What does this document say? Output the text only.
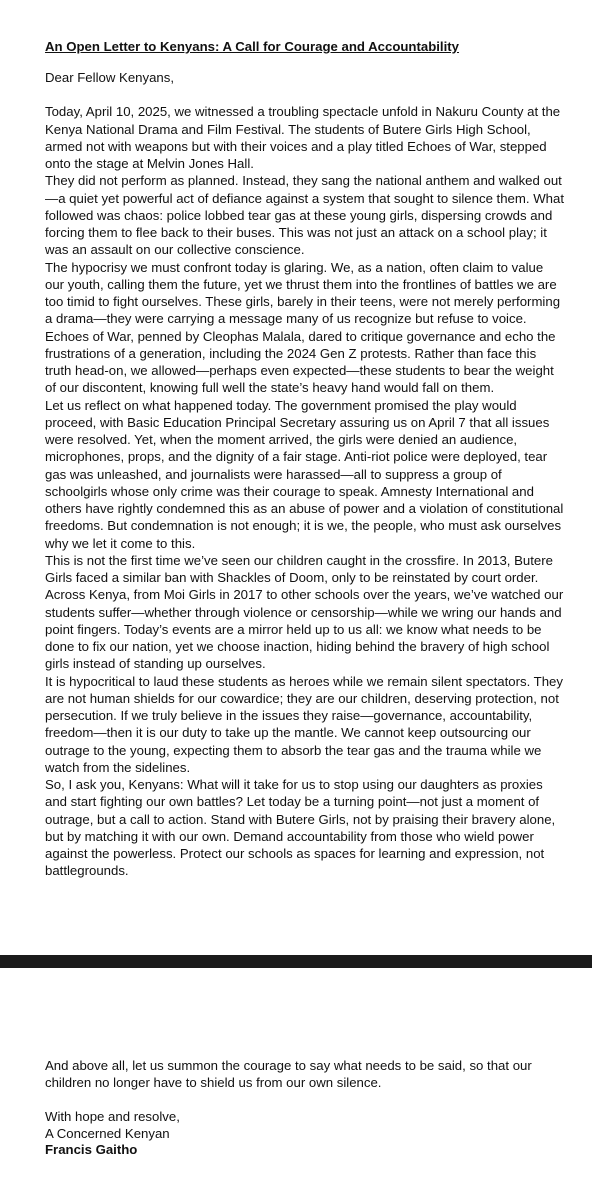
An Open Letter to Kenyans: A Call for Courage and Accountability
Dear Fellow Kenyans,

Today, April 10, 2025, we witnessed a troubling spectacle unfold in Nakuru County at the Kenya National Drama and Film Festival. The students of Butere Girls High School, armed not with weapons but with their voices and a play titled Echoes of War, stepped onto the stage at Melvin Jones Hall.

They did not perform as planned. Instead, they sang the national anthem and walked out—a quiet yet powerful act of defiance against a system that sought to silence them. What followed was chaos: police lobbed tear gas at these young girls, dispersing crowds and forcing them to flee back to their buses. This was not just an attack on a school play; it was an assault on our collective conscience.

The hypocrisy we must confront today is glaring. We, as a nation, often claim to value our youth, calling them the future, yet we thrust them into the frontlines of battles we are too timid to fight ourselves. These girls, barely in their teens, were not merely performing a drama—they were carrying a message many of us recognize but refuse to voice. Echoes of War, penned by Cleophas Malala, dared to critique governance and echo the frustrations of a generation, including the 2024 Gen Z protests. Rather than face this truth head-on, we allowed—perhaps even expected—these students to bear the weight of our discontent, knowing full well the state’s heavy hand would fall on them.

Let us reflect on what happened today. The government promised the play would proceed, with Basic Education Principal Secretary assuring us on April 7 that all issues were resolved. Yet, when the moment arrived, the girls were denied an audience, microphones, props, and the dignity of a fair stage. Anti-riot police were deployed, tear gas was unleashed, and journalists were harassed—all to suppress a group of schoolgirls whose only crime was their courage to speak. Amnesty International and others have rightly condemned this as an abuse of power and a violation of constitutional freedoms. But condemnation is not enough; it is we, the people, who must ask ourselves why we let it come to this.

This is not the first time we’ve seen our children caught in the crossfire. In 2013, Butere Girls faced a similar ban with Shackles of Doom, only to be reinstated by court order. Across Kenya, from Moi Girls in 2017 to other schools over the years, we’ve watched our students suffer—whether through violence or censorship—while we wring our hands and point fingers. Today’s events are a mirror held up to us all: we know what needs to be done to fix our nation, yet we choose inaction, hiding behind the bravery of high school girls instead of standing up ourselves.

It is hypocritical to laud these students as heroes while we remain silent spectators. They are not human shields for our cowardice; they are our children, deserving protection, not persecution. If we truly believe in the issues they raise—governance, accountability, freedom—then it is our duty to take up the mantle. We cannot keep outsourcing our outrage to the young, expecting them to absorb the tear gas and the trauma while we watch from the sidelines.

So, I ask you, Kenyans: What will it take for us to stop using our daughters as proxies and start fighting our own battles? Let today be a turning point—not just a moment of outrage, but a call to action. Stand with Butere Girls, not by praising their bravery alone, but by matching it with our own. Demand accountability from those who wield power against the powerless. Protect our schools as spaces for learning and expression, not battlegrounds.

And above all, let us summon the courage to say what needs to be said, so that our children no longer have to shield us from our own silence.

With hope and resolve,
A Concerned Kenyan
Francis Gaitho
